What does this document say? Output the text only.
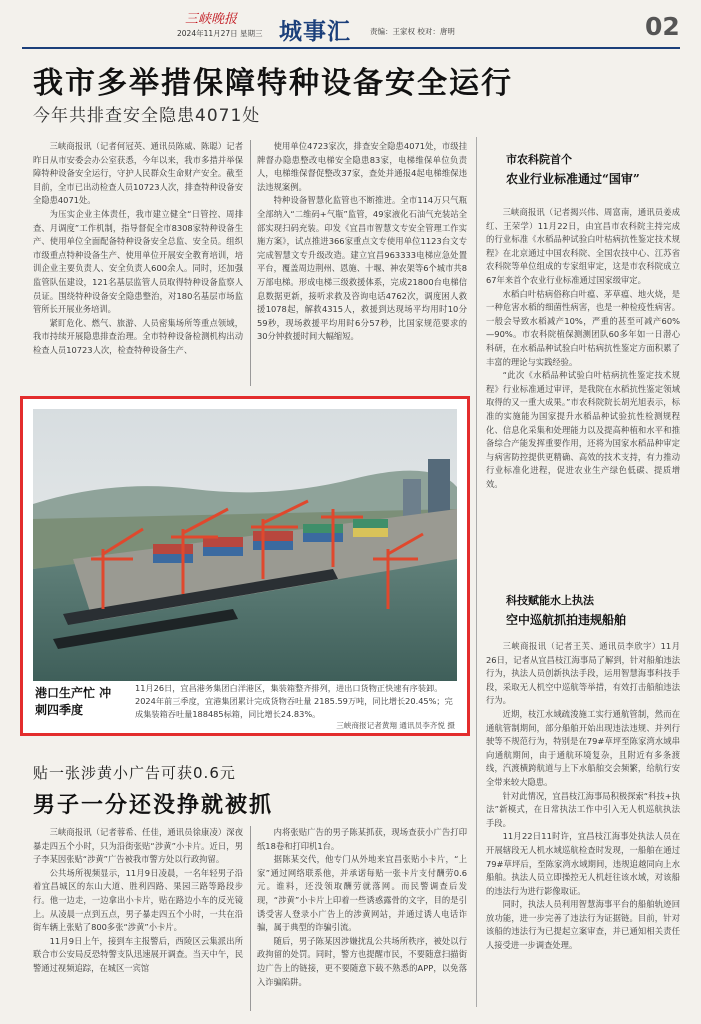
三峡晚报
2024年11月27日 星期三 城事汇	责编：王家权 校对：唐明	02
我市多举措保障特种设备安全运行
今年共排查安全隐患4071处

三峡商报讯（记者何冠英、通讯员陈威、陈聪）记者昨日从市安委会办公室获悉，今年以来，我市多措并举保障特种设备安全运行，守护人民群众生命财产安全。截至目前，全市已出动检查人员10723人次，排查特种设备安全隐患4071处。

为压实企业主体责任，我市建立健全“日管控、周排查、月调度”工作机制，指导督促全市8308家特种设备生产、使用单位全面配备特种设备安全总监、安全员。组织市级重点特种设备生产、使用单位开展安全教育培训，培训企业主要负责人、安全负责人600余人。同时，还加强监管队伍建设，121名基层监管人员取得特种设备监察人员证。围绕特种设备安全隐患整治，对180名基层市场监管所长开展业务培训。

紧盯危化、燃气、旅游、人员密集场所等重点领域，我市持续开展隐患排查治理。全市特种设备检测机构出动检查人员10723人次，检查特种设备生产、

使用单位4723家次，排查安全隐患4071处，市级挂牌督办隐患整改电梯安全隐患83家，电梯维保单位负责人，电梯维保督促整改37家，查处并通报4起电梯维保违法违规案例。

特种设备智慧化监管也不断推进。全市114万只气瓶全部纳入“二维码+气瓶”监管，49家液化石油气充装站全部实现扫码充装。印发《宜昌市智慧文专安全管理工作实施方案》，试点推进366家重点文专使用单位1123台文专完成智慧文专升级改造。建立宜昌963333电梯应急处置平台，覆盖周边荆州、恩施、十堰、神农架等6个城市共8万部电梯。形成电梯三级救援体系，完成21800台电梯信息数据更新，接听求救及咨询电话4762次，调度困人救援1078起，解救4315人，救援到达现场平均用时10分59秒，现场救援平均用时6分57秒，比国家规范要求的30分钟救援时间大幅缩短。

港口生产忙 冲刺四季度
11月26日，宜昌港务集团白洋港区，集装箱整齐排列，进出口货物正快速有序装卸。2024年前三季度，宜港集团累计完成货物吞吐量 2185.59万吨，同比增长20.45%；完成集装箱吞吐量188485标箱，同比增长24.83%。
三峡商报记者黄翔 通讯员李齐悦 摄
贴一张涉黄小广告可获0.6元
男子一分还没挣就被抓

三峡商报讯（记者蓉希、任佳，通讯员徐康凌）深夜暴走四五个小时，只为沿街张贴“涉黄”小卡片。近日，男子李某因张贴“涉黄”广告被我市警方处以行政拘留。

公共场所视频显示，11月9日凌晨，一名年轻男子沿着宜昌城区的东山大道、胜利四路、果园三路等路段步行。他一边走，一边拿出小卡片，贴在路边小车的反光镜上。从凌晨一点到五点，男子暴走四五个小时，一共在沿街车辆上张贴了800多张“涉黄”小卡片。

11月9日上午，接到车主报警后，西陵区云集派出所联合市公安局反恐特警支队迅速展开调查。当天中午，民警通过视频追踪，在城区一宾馆

内将张贴广告的男子陈某抓获，现场查获小广告打印纸18卷和打印机1台。

据陈某交代，他专门从外地来宜昌张贴小卡片，“上家”通过网络联系他，并承诺每贴一张卡片支付酬劳0.6元。谁料，还没领取酬劳就落网。而民警调查后发现，“涉黄”小卡片上印着一些诱惑露骨的文字，目的是引诱受害人登录小广告上的涉黄网站，并通过诱人电话诈骗，属于典型的诈骗引流。

随后，男子陈某因涉嫌扰乱公共场所秩序，被处以行政拘留的处罚。同时，警方也提醒市民，不要随意扫描街边广告上的链接，更不要随意下载不熟悉的APP，以免落入诈骗陷阱。

市农科院首个
农业行业标准通过“国审”

三峡商报讯（记者揭兴伟、周富南，通讯员姜成红、王荣学）11月22日，由宜昌市农科院主持完成的行业标准《水稻品种试验白叶枯病抗性鉴定技术规程》在北京通过中国农科院、全国农技中心、江苏省农科院等单位组成的专家组审定，这是市农科院成立67年来首个农业行业标准通过国家级审定。

水稻白叶枯病俗称白叶瘟、茅草瘟、地火烧，是一种危害水稻的细菌性病害，也是一种检疫性病害。一般会导致水稻减产10%，严重的甚至可减产60%—90%。市农科院植保测测团队60多年如一日潜心科研，在水稻品种试验白叶枯病抗性鉴定方面积累了丰富的理论与实践经验。

“此次《水稻品种试验白叶枯病抗性鉴定技术规程》行业标准通过审评，是我院在水稻抗性鉴定领域取得的又一重大成果。”市农科院院长胡光旭表示，标准的实施能为国家提升水稻品种试验抗性检测规程化、信息化采集和处理能力以及提高种植和水平和推备综合产能发挥重要作用，还将为国家水稻品种审定与病害防控提供更精确、高效的技术支持，有力推动行业标准化进程，促进农业生产绿色低碳、提质增效。

科技赋能水上执法
空中巡航抓拍违规船舶

三峡商报讯（记者王芙、通讯员李欣宇）11月26日，记者从宜昌枝江海事局了解到，针对船舶违法行为，执法人员创新执法手段，运用智慧海事科技手段，采取无人机空中巡航等举措，有效打击船舶违法行为。

近期，枝江水域疏浚施工实行通航管制，然而在通航管制期间，部分船舶开始出现违法违规、并列行驶等不规范行为，特别是在79#草坪至陈家湾水域串向通航期间，由于通航环境复杂，且附近有多条渡线，汽渡横跨航道与上下水船舶交会频繁，给航行安全带来较大隐患。

针对此情况，宜昌枝江海事局积极探索“科技+执法”新模式，在日常执法工作中引入无人机巡航执法手段。

11月22日11时许，宜昌枝江海事处执法人员在开展辖段无人机水域巡航检查时发现，一船舶在通过79#草坪后，至陈家湾水域期间，违规追越同向上水船舶。执法人员立即操控无人机赶往该水域，对该船的违法行为进行影像取证。

同时，执法人员利用智慧海事平台的船舶轨迹回放功能，进一步完善了违法行为证据链。目前，针对该船的违法行为已提起立案审查，并已通知相关责任人接受进一步调查处理。
